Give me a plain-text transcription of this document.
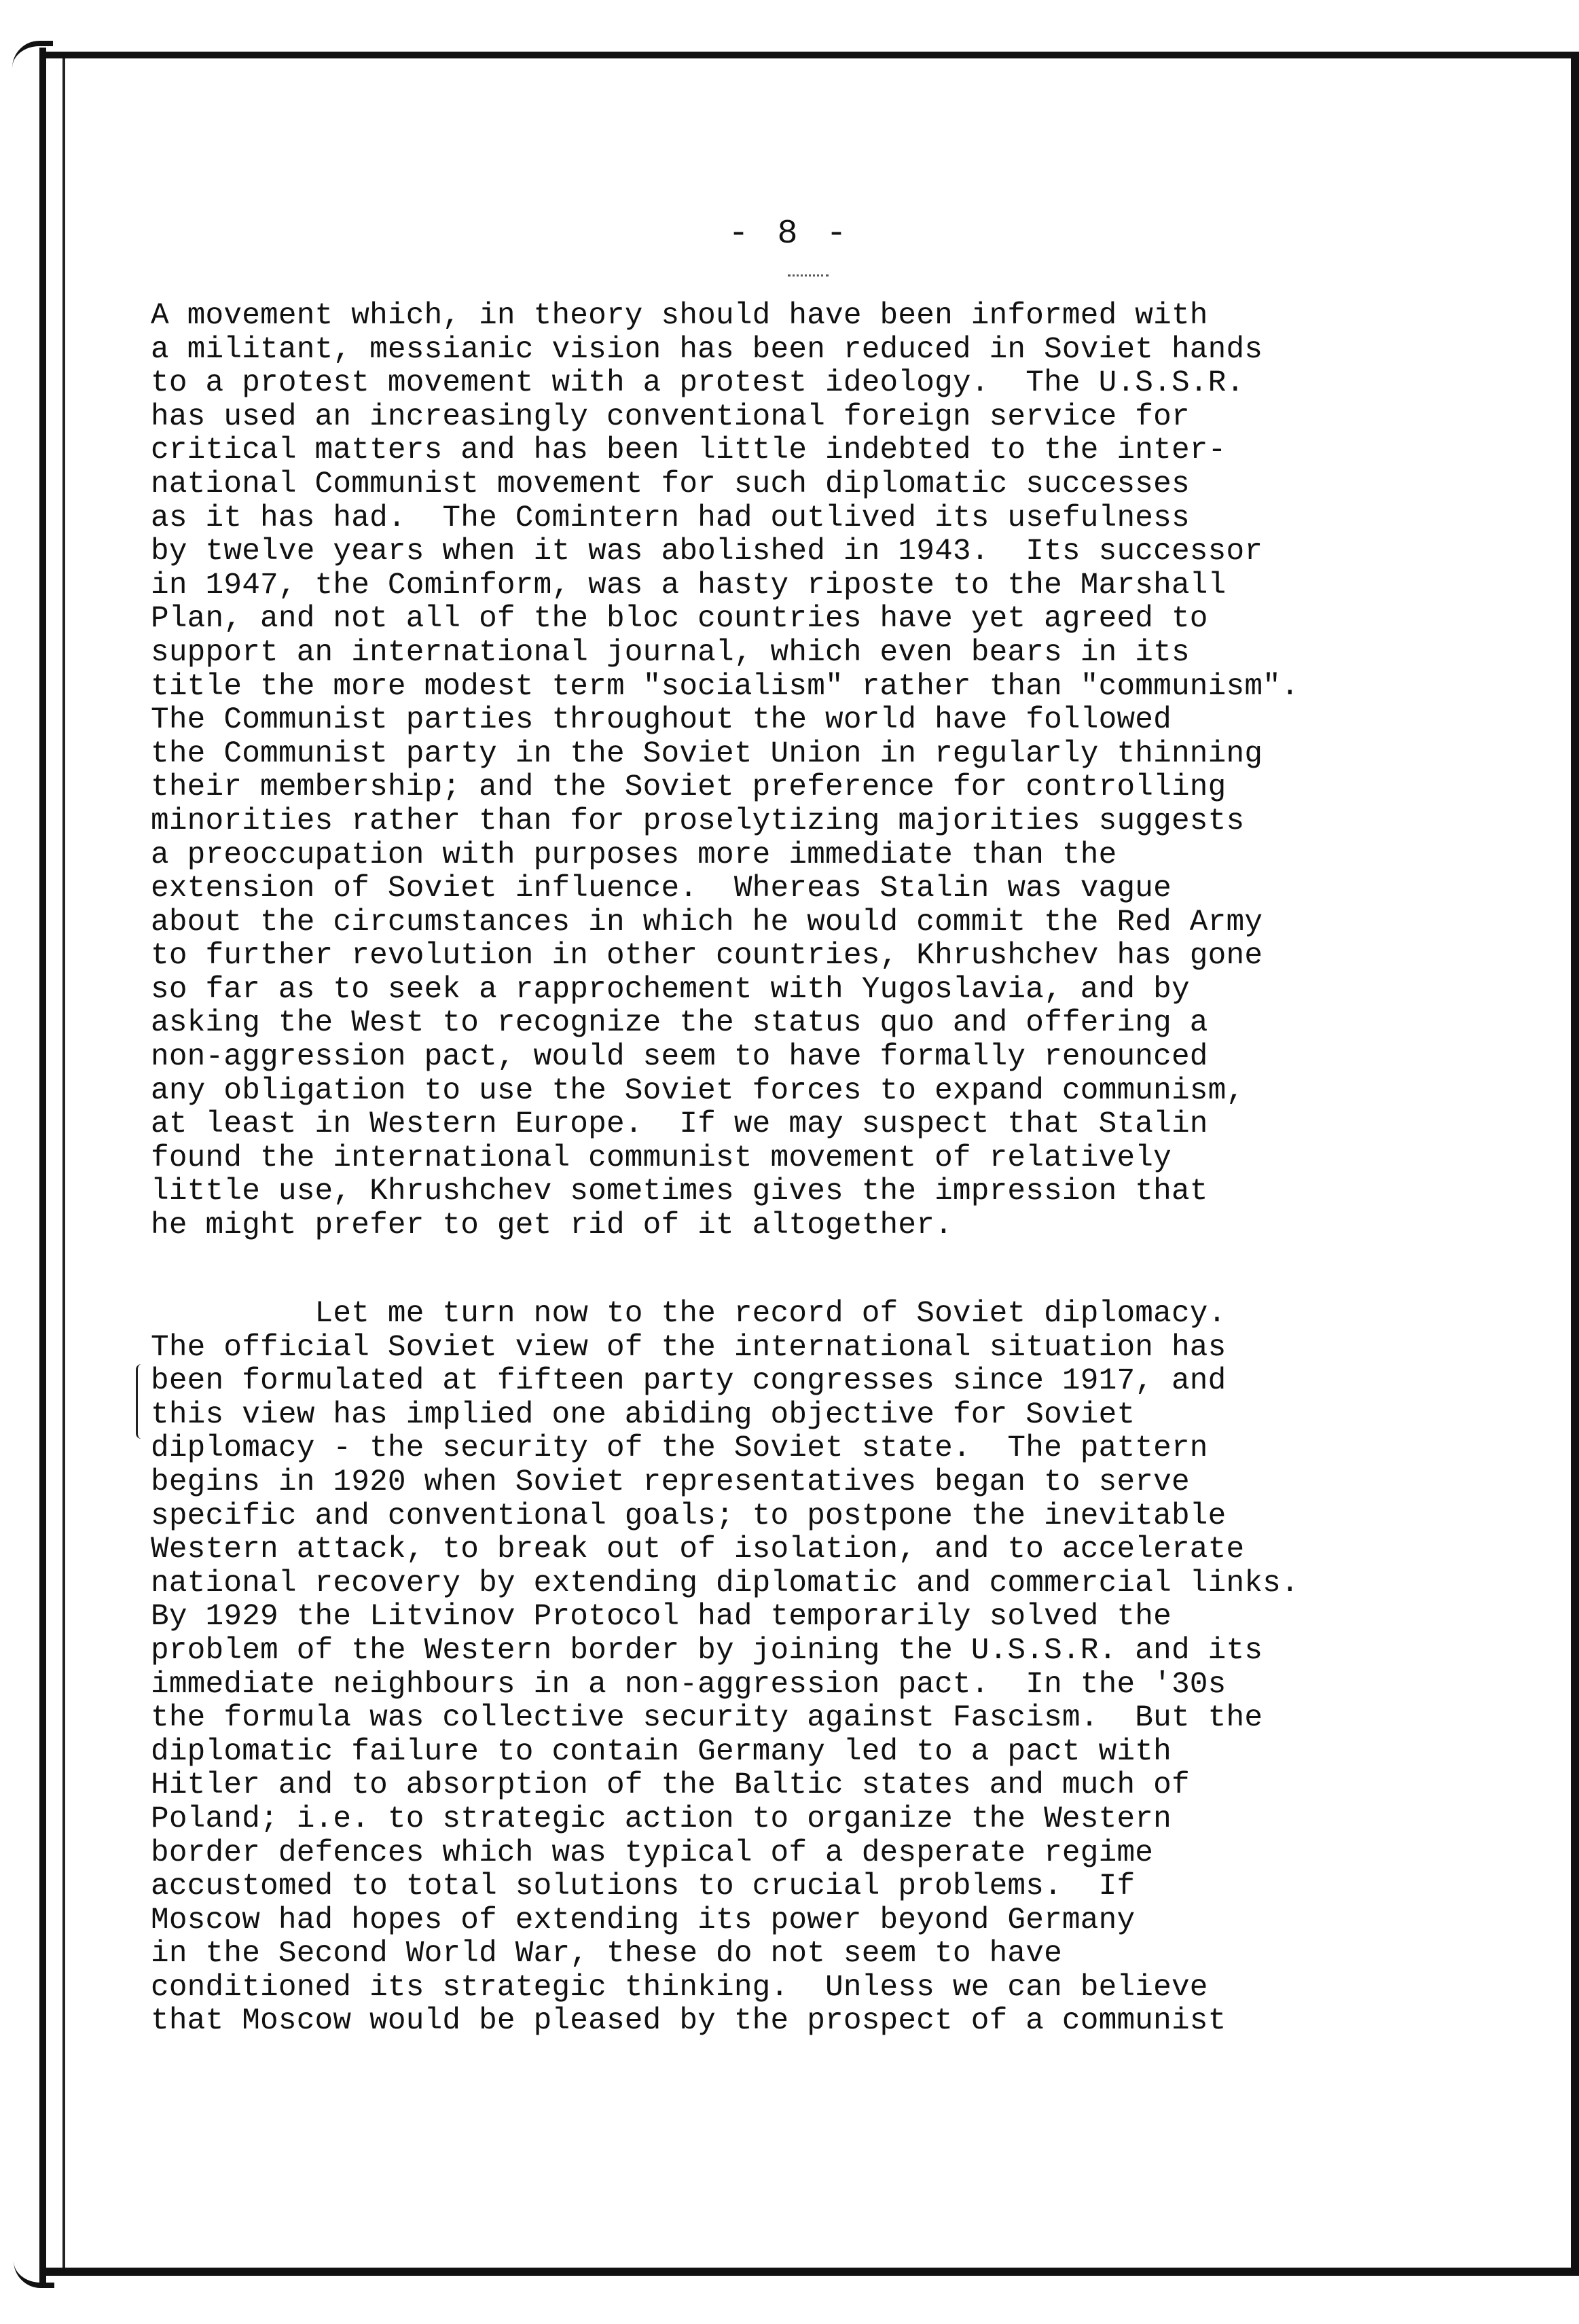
- 8 -
A movement which, in theory should have been informed with
a militant, messianic vision has been reduced in Soviet hands
to a protest movement with a protest ideology.  The U.S.S.R.
has used an increasingly conventional foreign service for
critical matters and has been little indebted to the inter-
national Communist movement for such diplomatic successes
as it has had.  The Comintern had outlived its usefulness
by twelve years when it was abolished in 1943.  Its successor
in 1947, the Cominform, was a hasty riposte to the Marshall
Plan, and not all of the bloc countries have yet agreed to
support an international journal, which even bears in its
title the more modest term "socialism" rather than "communism".
The Communist parties throughout the world have followed
the Communist party in the Soviet Union in regularly thinning
their membership; and the Soviet preference for controlling
minorities rather than for proselytizing majorities suggests
a preoccupation with purposes more immediate than the
extension of Soviet influence.  Whereas Stalin was vague
about the circumstances in which he would commit the Red Army
to further revolution in other countries, Khrushchev has gone
so far as to seek a rapprochement with Yugoslavia, and by
asking the West to recognize the status quo and offering a
non-aggression pact, would seem to have formally renounced
any obligation to use the Soviet forces to expand communism,
at least in Western Europe.  If we may suspect that Stalin
found the international communist movement of relatively
little use, Khrushchev sometimes gives the impression that
he might prefer to get rid of it altogether.
Let me turn now to the record of Soviet diplomacy.
The official Soviet view of the international situation has
been formulated at fifteen party congresses since 1917, and
this view has implied one abiding objective for Soviet
diplomacy - the security of the Soviet state.  The pattern
begins in 1920 when Soviet representatives began to serve
specific and conventional goals; to postpone the inevitable
Western attack, to break out of isolation, and to accelerate
national recovery by extending diplomatic and commercial links.
By 1929 the Litvinov Protocol had temporarily solved the
problem of the Western border by joining the U.S.S.R. and its
immediate neighbours in a non-aggression pact.  In the '30s
the formula was collective security against Fascism.  But the
diplomatic failure to contain Germany led to a pact with
Hitler and to absorption of the Baltic states and much of
Poland; i.e. to strategic action to organize the Western
border defences which was typical of a desperate regime
accustomed to total solutions to crucial problems.  If
Moscow had hopes of extending its power beyond Germany
in the Second World War, these do not seem to have
conditioned its strategic thinking.  Unless we can believe
that Moscow would be pleased by the prospect of a communist
